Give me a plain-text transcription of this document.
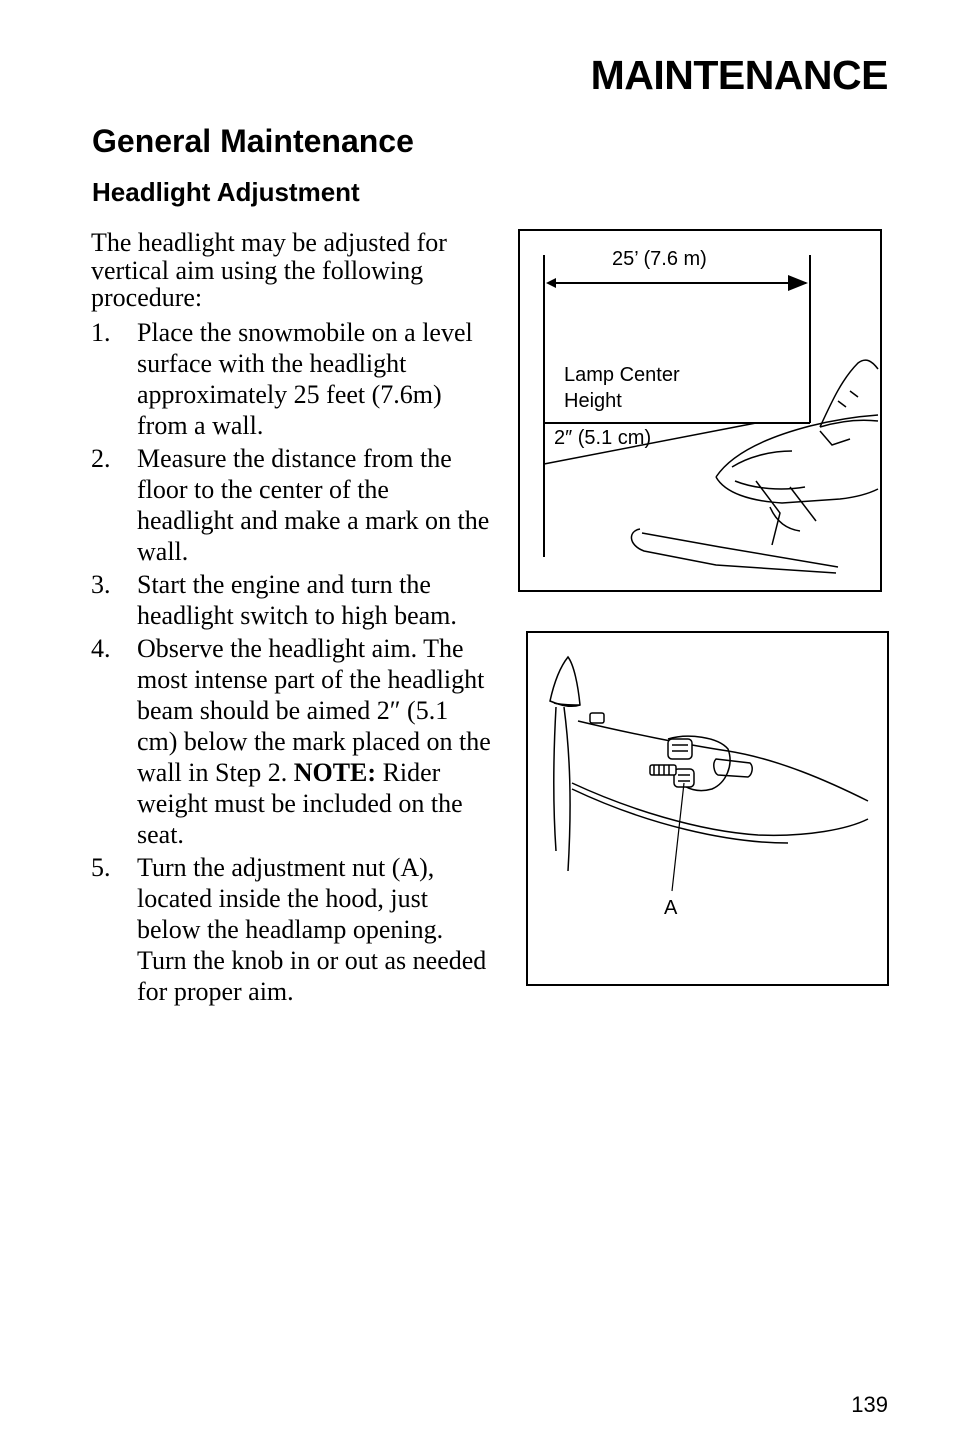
MAINTENANCE
General Maintenance
Headlight Adjustment

The headlight may be adjusted for vertical aim using the following procedure:

1. Place the snowmobile on a level surface with the headlight approximately 25 feet (7.6m) from a wall.
2. Measure the distance from the floor to the center of the headlight and make a mark on the wall.
3. Start the engine and turn the headlight switch to high beam.
4. Observe the headlight aim. The most intense part of the headlight beam should be aimed 2″ (5.1 cm) below the mark placed on the wall in Step 2. NOTE: Rider weight must be included on the seat.
5. Turn the adjustment nut (A), located inside the hood, just below the headlamp opening. Turn the knob in or out as needed for proper aim.

25’ (7.6 m)

Lamp Center

Height

2″ (5.1 cm)

A

139
